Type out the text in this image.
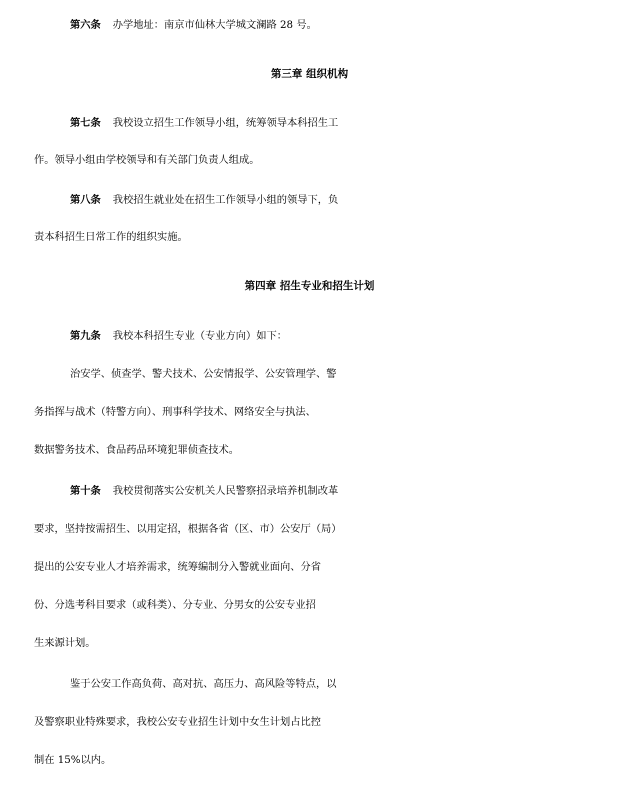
第六条 办学地址：南京市仙林大学城文澜路 28 号。
第三章 组织机构
第七条 我校设立招生工作领导小组，统筹领导本科招生工
作。领导小组由学校领导和有关部门负责人组成。
第八条 我校招生就业处在招生工作领导小组的领导下，负
责本科招生日常工作的组织实施。
第四章 招生专业和招生计划
第九条 我校本科招生专业（专业方向）如下：
治安学、侦查学、警犬技术、公安情报学、公安管理学、警
务指挥与战术（特警方向）、刑事科学技术、网络安全与执法、
数据警务技术、食品药品环境犯罪侦查技术。
第十条 我校贯彻落实公安机关人民警察招录培养机制改革
要求，坚持按需招生、以用定招，根据各省（区、市）公安厅（局）
提出的公安专业人才培养需求，统筹编制分入警就业面向、分省
份、分选考科目要求（或科类）、分专业、分男女的公安专业招
生来源计划。
鉴于公安工作高负荷、高对抗、高压力、高风险等特点，以
及警察职业特殊要求，我校公安专业招生计划中女生计划占比控
制在 15%以内。
